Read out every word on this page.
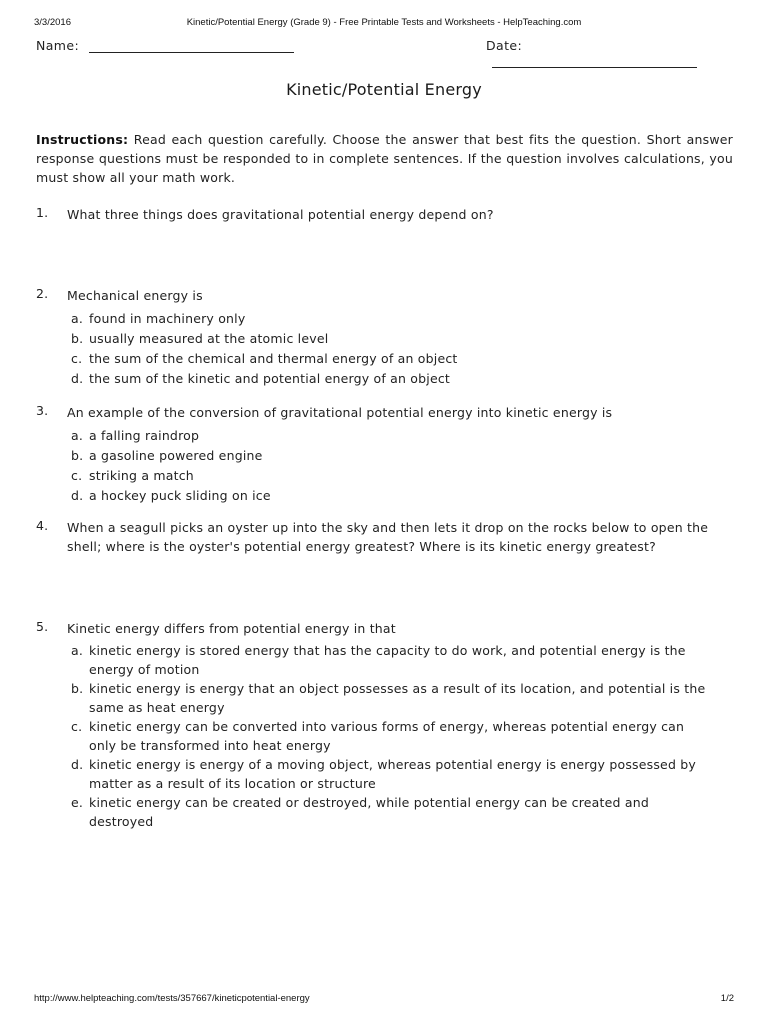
3/3/2016	Kinetic/Potential Energy (Grade 9) - Free Printable Tests and Worksheets - HelpTeaching.com
Name:	Date:
Kinetic/Potential Energy
Instructions: Read each question carefully. Choose the answer that best fits the question. Short answer response questions must be responded to in complete sentences. If the question involves calculations, you must show all your math work.
1. What three things does gravitational potential energy depend on?
2. Mechanical energy is
a. found in machinery only
b. usually measured at the atomic level
c. the sum of the chemical and thermal energy of an object
d. the sum of the kinetic and potential energy of an object
3. An example of the conversion of gravitational potential energy into kinetic energy is
a. a falling raindrop
b. a gasoline powered engine
c. striking a match
d. a hockey puck sliding on ice
4. When a seagull picks an oyster up into the sky and then lets it drop on the rocks below to open the shell; where is the oyster's potential energy greatest? Where is its kinetic energy greatest?
5. Kinetic energy differs from potential energy in that
a. kinetic energy is stored energy that has the capacity to do work, and potential energy is the energy of motion
b. kinetic energy is energy that an object possesses as a result of its location, and potential is the same as heat energy
c. kinetic energy can be converted into various forms of energy, whereas potential energy can only be transformed into heat energy
d. kinetic energy is energy of a moving object, whereas potential energy is energy possessed by matter as a result of its location or structure
e. kinetic energy can be created or destroyed, while potential energy can be created and destroyed
http://www.helpteaching.com/tests/357667/kineticpotential-energy	1/2
